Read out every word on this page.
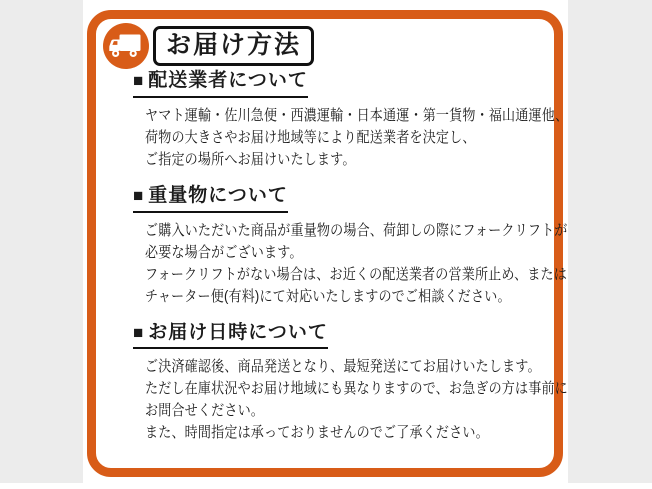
お届け方法
■ 配送業者について

ヤマト運輸・佐川急便・西濃運輸・日本通運・第一貨物・福山通運他、

荷物の大きさやお届け地域等により配送業者を決定し、

ご指定の場所へお届けいたします。

■ 重量物について

ご購入いただいた商品が重量物の場合、荷卸しの際にフォークリフトが

必要な場合がございます。

フォークリフトがない場合は、お近くの配送業者の営業所止め、または

チャーター便(有料)にて対応いたしますのでご相談ください。

■ お届け日時について

ご決済確認後、商品発送となり、最短発送にてお届けいたします。

ただし在庫状況やお届け地域にも異なりますので、お急ぎの方は事前に

お問合せください。

また、時間指定は承っておりませんのでご了承ください。
